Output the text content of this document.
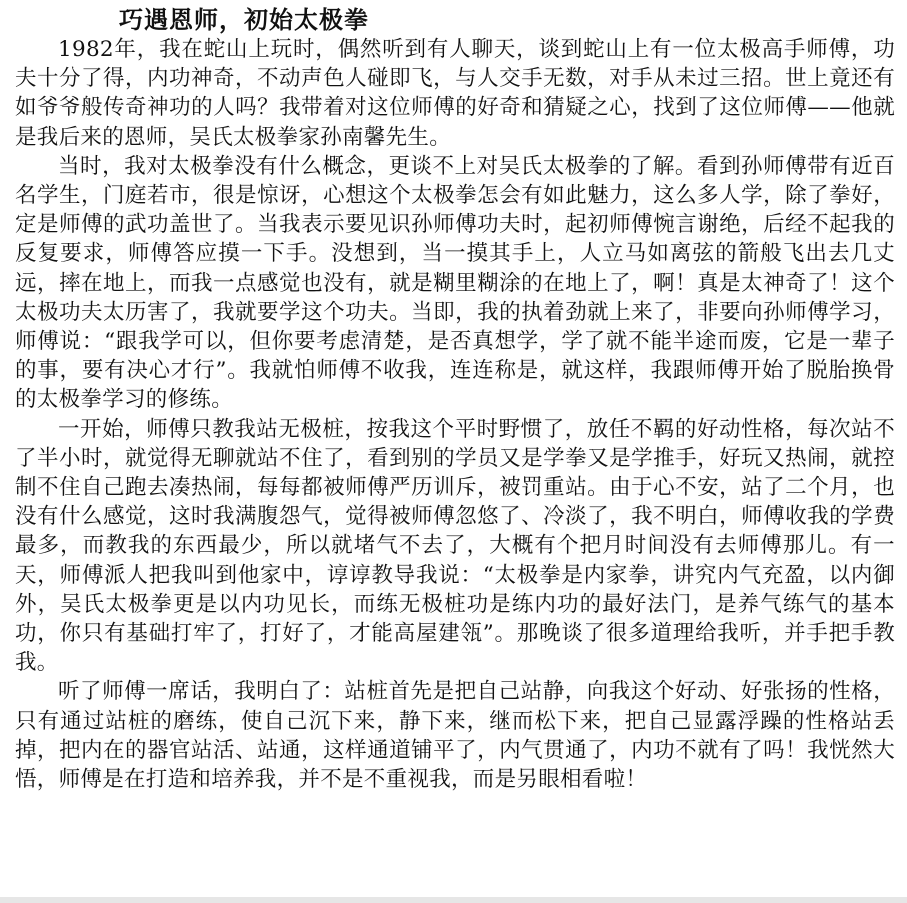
巧遇恩师，初始太极拳

1982年，我在蛇山上玩时，偶然听到有人聊天，谈到蛇山上有一位太极高手师傅，功夫十分了得，内功神奇，不动声色人碰即飞，与人交手无数，对手从未过三招。世上竟还有如爷爷般传奇神功的人吗？我带着对这位师傅的好奇和猜疑之心，找到了这位师傅——他就是我后来的恩师，吴氏太极拳家孙南馨先生。

当时，我对太极拳没有什么概念，更谈不上对吴氏太极拳的了解。看到孙师傅带有近百名学生，门庭若市，很是惊讶，心想这个太极拳怎会有如此魅力，这么多人学，除了拳好，定是师傅的武功盖世了。当我表示要见识孙师傅功夫时，起初师傅惋言谢绝，后经不起我的反复要求，师傅答应摸一下手。没想到，当一摸其手上，人立马如离弦的箭般飞出去几丈远，摔在地上，而我一点感觉也没有，就是糊里糊涂的在地上了，啊！真是太神奇了！这个太极功夫太历害了，我就要学这个功夫。当即，我的执着劲就上来了，非要向孙师傅学习，师傅说：“跟我学可以，但你要考虑清楚，是否真想学，学了就不能半途而废，它是一辈子的事，要有决心才行”。我就怕师傅不收我，连连称是，就这样，我跟师傅开始了脱胎换骨的太极拳学习的修练。

一开始，师傅只教我站无极桩，按我这个平时野惯了，放任不羁的好动性格，每次站不了半小时，就觉得无聊就站不住了，看到别的学员又是学拳又是学推手，好玩又热闹，就控制不住自己跑去凑热闹，每每都被师傅严历训斥，被罚重站。由于心不安，站了二个月，也没有什么感觉，这时我满腹怨气，觉得被师傅忽悠了、冷淡了，我不明白，师傅收我的学费最多，而教我的东西最少，所以就堵气不去了，大概有个把月时间没有去师傅那儿。有一天，师傅派人把我叫到他家中，谆谆教导我说：“太极拳是内家拳，讲究内气充盈，以内御外，吴氏太极拳更是以内功见长，而练无极桩功是练内功的最好法门，是养气练气的基本功，你只有基础打牢了，打好了，才能高屋建瓴”。那晚谈了很多道理给我听，并手把手教我。

听了师傅一席话，我明白了：站桩首先是把自己站静，向我这个好动、好张扬的性格，只有通过站桩的磨练，使自己沉下来，静下来，继而松下来，把自己显露浮躁的性格站丢掉，把内在的器官站活、站通，这样通道铺平了，内气贯通了，内功不就有了吗！我恍然大悟，师傅是在打造和培养我，并不是不重视我，而是另眼相看啦！
